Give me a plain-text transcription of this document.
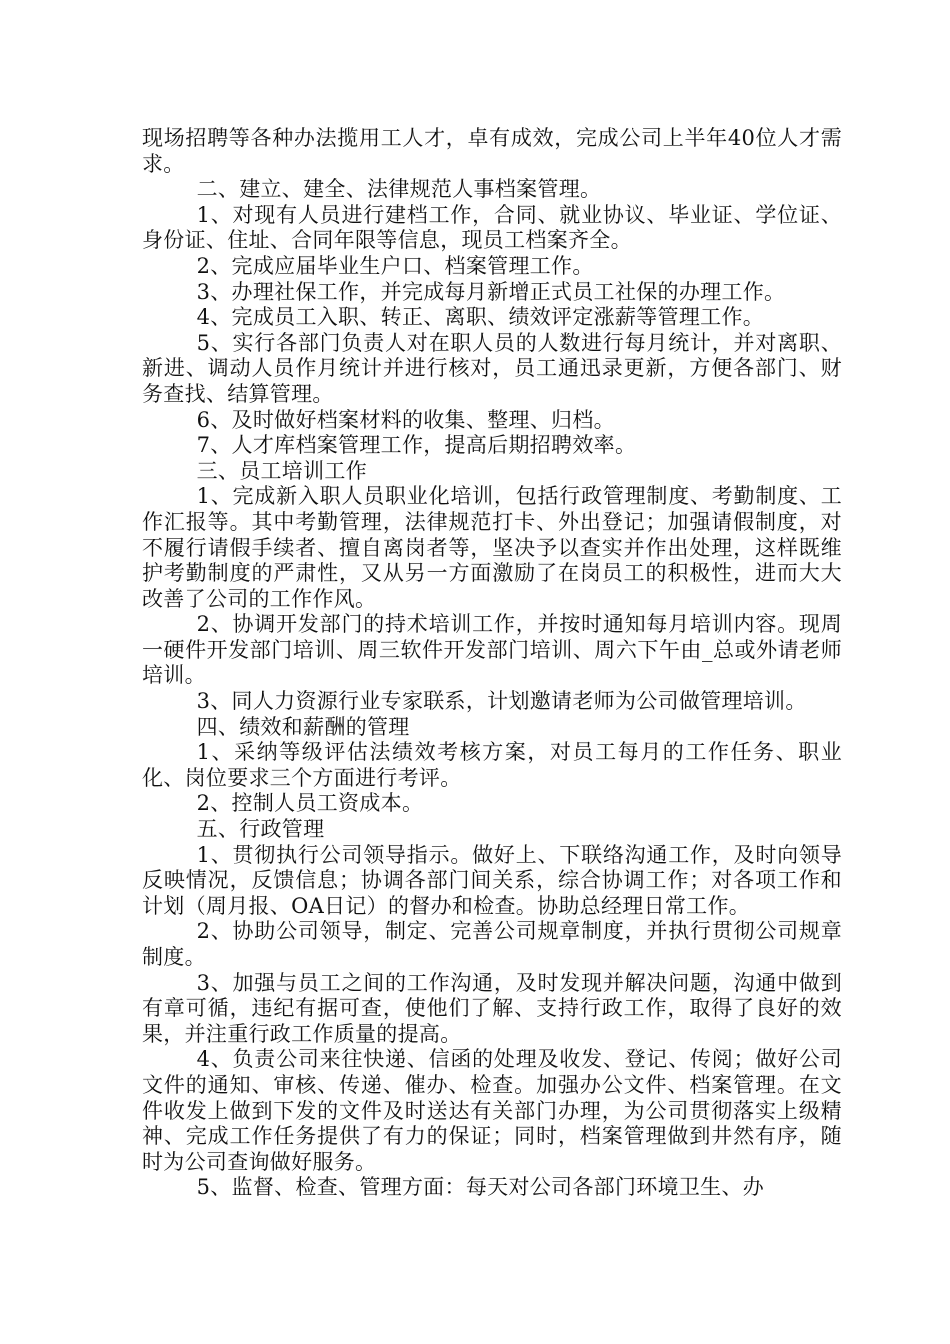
现场招聘等各种办法揽用工人才，卓有成效，完成公司上半年40位人才需求。

二、建立、建全、法律规范人事档案管理。

1、对现有人员进行建档工作，合同、就业协议、毕业证、学位证、身份证、住址、合同年限等信息，现员工档案齐全。

2、完成应届毕业生户口、档案管理工作。

3、办理社保工作，并完成每月新增正式员工社保的办理工作。

4、完成员工入职、转正、离职、绩效评定涨薪等管理工作。

5、实行各部门负责人对在职人员的人数进行每月统计，并对离职、新进、调动人员作月统计并进行核对，员工通迅录更新，方便各部门、财务查找、结算管理。

6、及时做好档案材料的收集、整理、归档。

7、人才库档案管理工作，提高后期招聘效率。

三、员工培训工作

1、完成新入职人员职业化培训，包括行政管理制度、考勤制度、工作汇报等。其中考勤管理，法律规范打卡、外出登记；加强请假制度，对不履行请假手续者、擅自离岗者等，坚决予以查实并作出处理，这样既维护考勤制度的严肃性，又从另一方面激励了在岗员工的积极性，进而大大改善了公司的工作作风。

2、协调开发部门的持术培训工作，并按时通知每月培训内容。现周一硬件开发部门培训、周三软件开发部门培训、周六下午由_总或外请老师培训。

3、同人力资源行业专家联系，计划邀请老师为公司做管理培训。

四、绩效和薪酬的管理

1、采纳等级评估法绩效考核方案，对员工每月的工作任务、职业化、岗位要求三个方面进行考评。

2、控制人员工资成本。

五、行政管理

1、贯彻执行公司领导指示。做好上、下联络沟通工作，及时向领导反映情况，反馈信息；协调各部门间关系，综合协调工作；对各项工作和计划（周月报、OA日记）的督办和检查。协助总经理日常工作。

2、协助公司领导，制定、完善公司规章制度，并执行贯彻公司规章制度。

3、加强与员工之间的工作沟通，及时发现并解决问题，沟通中做到有章可循，违纪有据可查，使他们了解、支持行政工作，取得了良好的效果，并注重行政工作质量的提高。

4、负责公司来往快递、信函的处理及收发、登记、传阅；做好公司文件的通知、审核、传递、催办、检查。加强办公文件、档案管理。在文件收发上做到下发的文件及时送达有关部门办理，为公司贯彻落实上级精神、完成工作任务提供了有力的保证；同时，档案管理做到井然有序，随时为公司查询做好服务。

5、监督、检查、管理方面：每天对公司各部门环境卫生、办
